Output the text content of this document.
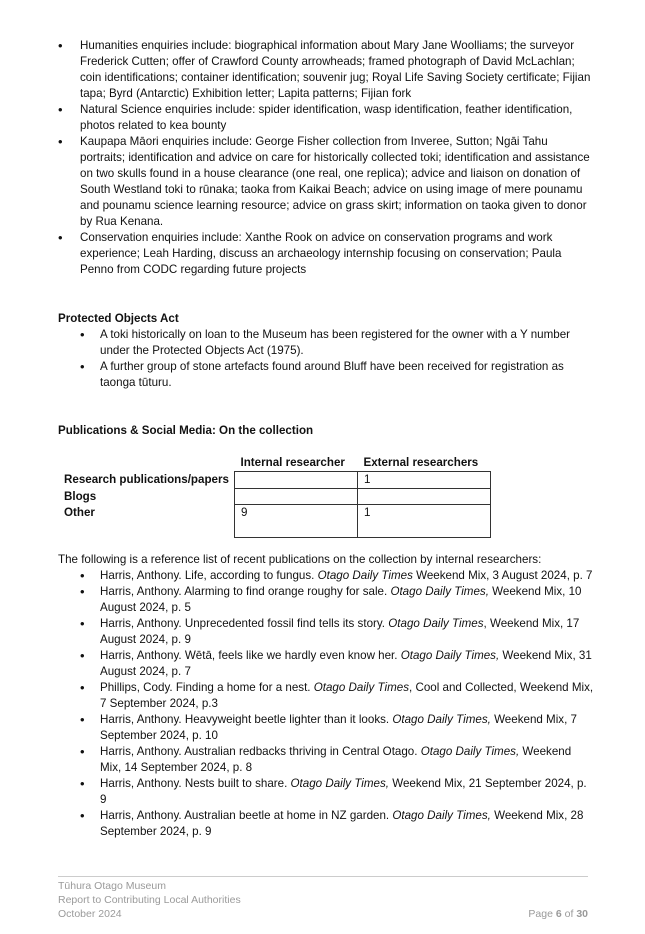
• Humanities enquiries include: biographical information about Mary Jane Woolliams; the surveyor Frederick Cutten; offer of Crawford County arrowheads; framed photograph of David McLachlan; coin identifications; container identification; souvenir jug; Royal Life Saving Society certificate; Fijian tapa; Byrd (Antarctic) Exhibition letter; Lapita patterns; Fijian fork
• Natural Science enquiries include: spider identification, wasp identification, feather identification, photos related to kea bounty
• Kaupapa Māori enquiries include: George Fisher collection from Inveree, Sutton; Ngāi Tahu portraits; identification and advice on care for historically collected toki; identification and assistance on two skulls found in a house clearance (one real, one replica); advice and liaison on donation of South Westland toki to rūnaka; taoka from Kaikai Beach; advice on using image of mere pounamu and pounamu science learning resource; advice on grass skirt; information on taoka given to donor by Rua Kenana.
• Conservation enquiries include: Xanthe Rook on advice on conservation programs and work experience; Leah Harding, discuss an archaeology internship focusing on conservation; Paula Penno from CODC regarding future projects
Protected Objects Act
• A toki historically on loan to the Museum has been registered for the owner with a Y number under the Protected Objects Act (1975).
• A further group of stone artefacts found around Bluff have been received for registration as taonga tūturu.
Publications & Social Media: On the collection
	Internal researcher	External researchers
Research publications/papers		1
Blogs		
Other	9	1
The following is a reference list of recent publications on the collection by internal researchers:
• Harris, Anthony. Life, according to fungus. Otago Daily Times Weekend Mix, 3 August 2024, p. 7
• Harris, Anthony. Alarming to find orange roughy for sale. Otago Daily Times, Weekend Mix, 10 August 2024, p. 5
• Harris, Anthony. Unprecedented fossil find tells its story. Otago Daily Times, Weekend Mix, 17 August 2024, p. 9
• Harris, Anthony. Wētā, feels like we hardly even know her. Otago Daily Times, Weekend Mix, 31 August 2024, p. 7
• Phillips, Cody. Finding a home for a nest. Otago Daily Times, Cool and Collected, Weekend Mix, 7 September 2024, p.3
• Harris, Anthony. Heavyweight beetle lighter than it looks. Otago Daily Times, Weekend Mix, 7 September 2024, p. 10
• Harris, Anthony. Australian redbacks thriving in Central Otago. Otago Daily Times, Weekend Mix, 14 September 2024, p. 8
• Harris, Anthony. Nests built to share. Otago Daily Times, Weekend Mix, 21 September 2024, p. 9
• Harris, Anthony. Australian beetle at home in NZ garden. Otago Daily Times, Weekend Mix, 28 September 2024, p. 9
Tūhura Otago Museum
Report to Contributing Local Authorities
October 2024	Page 6 of 30
